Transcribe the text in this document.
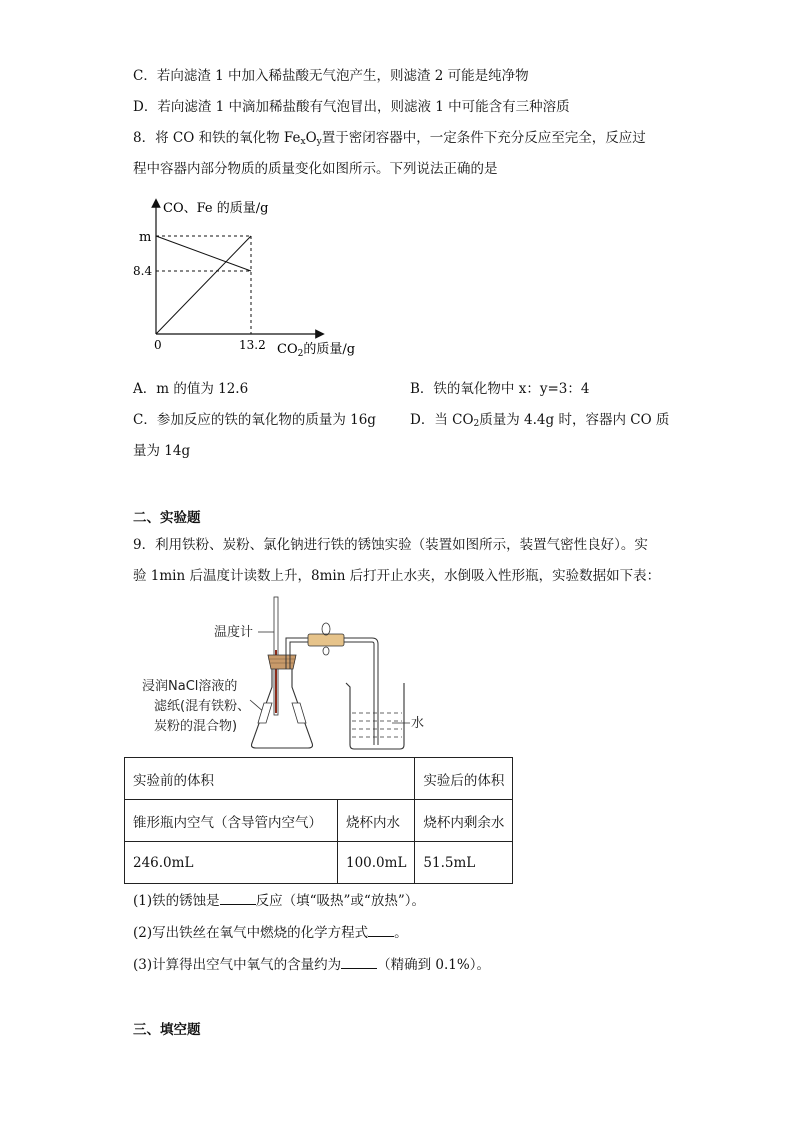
C．若向滤渣 1 中加入稀盐酸无气泡产生，则滤渣 2 可能是纯净物
D．若向滤渣 1 中滴加稀盐酸有气泡冒出，则滤液 1 中可能含有三种溶质
8．将 CO 和铁的氧化物 $Fe_xO_y$置于密闭容器中，一定条件下充分反应至完全，反应过
程中容器内部分物质的质量变化如图所示。下列说法正确的是
CO、Fe 的质量/g
m
8.4
0	13.2 $CO_2$的质量/g
A．m 的值为 12.6	B．铁的氧化物中 x：y=3：4
C．参加反应的铁的氧化物的质量为 16g	D．当 $CO_2$质量为 4.4g 时，容器内 CO 质
量为 14g
二、实验题
9．利用铁粉、炭粉、氯化钠进行铁的锈蚀实验（装置如图所示，装置气密性良好）。实
验 1min 后温度计读数上升，8min 后打开止水夹，水倒吸入性形瓶，实验数据如下表：
温度计
浸润NaCl溶液的
滤纸(混有铁粉、
炭粉的混合物)	水
实验前的体积		实验后的体积
锥形瓶内空气（含导管内空气）	烧杯内水	烧杯内剩余水
246.0mL	100.0mL	51.5mL
(1)铁的锈蚀是	反应（填“吸热”或“放热”）。
(2)写出铁丝在氧气中燃烧的化学方程式 。
(3)计算得出空气中氧气的含量约为	（精确到 0.1%）。
三、填空题
